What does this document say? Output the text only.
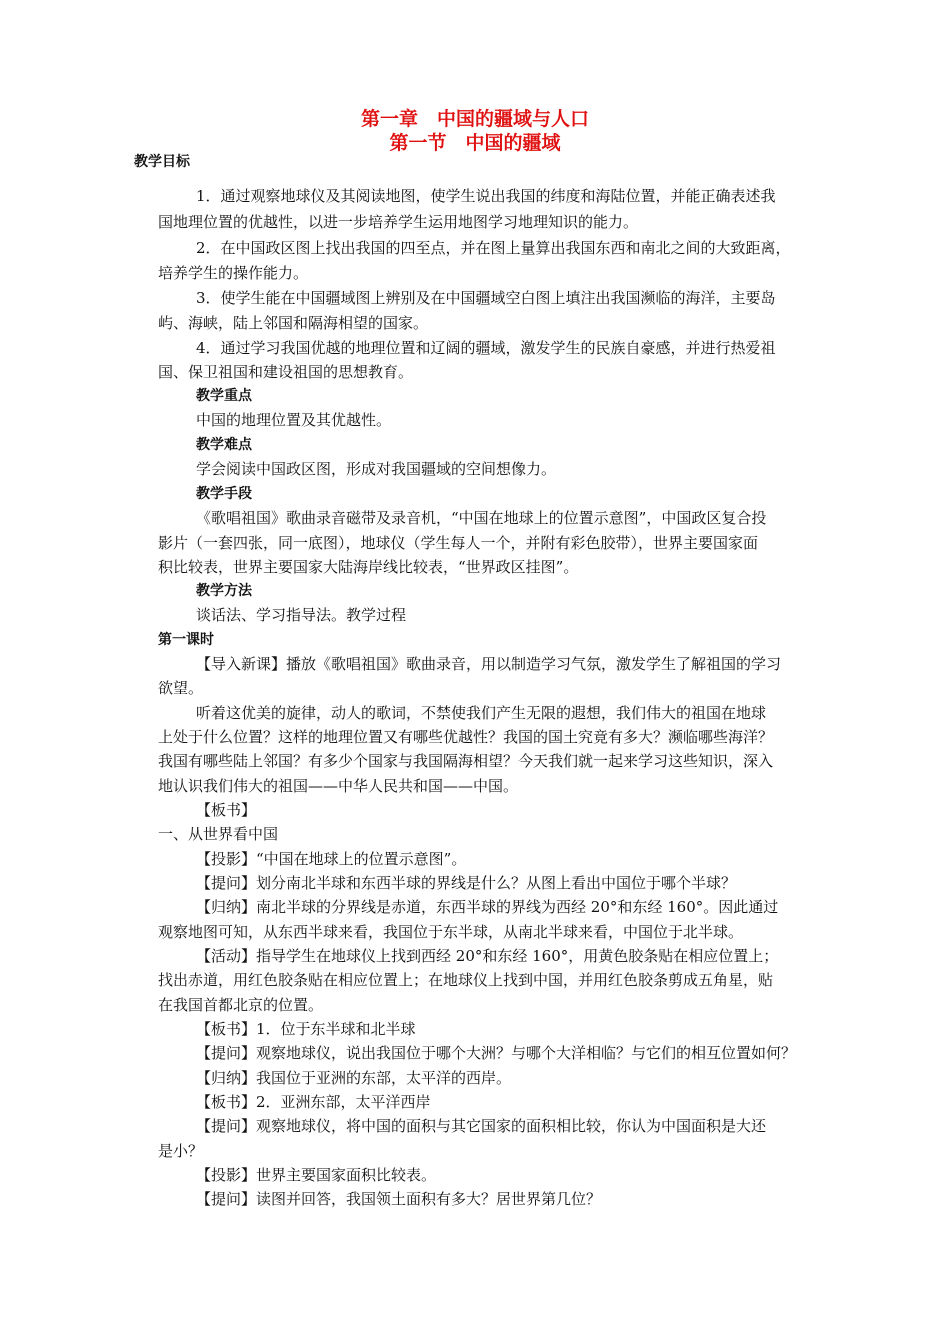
第一章　中国的疆域与人口
第一节　中国的疆域
教学目标
1．通过观察地球仪及其阅读地图，使学生说出我国的纬度和海陆位置，并能正确表述我
国地理位置的优越性，以进一步培养学生运用地图学习地理知识的能力。
2．在中国政区图上找出我国的四至点，并在图上量算出我国东西和南北之间的大致距离，
培养学生的操作能力。
3．使学生能在中国疆域图上辨别及在中国疆域空白图上填注出我国濒临的海洋，主要岛
屿、海峡，陆上邻国和隔海相望的国家。
4．通过学习我国优越的地理位置和辽阔的疆域，激发学生的民族自豪感，并进行热爱祖
国、保卫祖国和建设祖国的思想教育。
教学重点
中国的地理位置及其优越性。
教学难点
学会阅读中国政区图，形成对我国疆域的空间想像力。
教学手段
《歌唱祖国》歌曲录音磁带及录音机，“中国在地球上的位置示意图”，中国政区复合投
影片（一套四张，同一底图），地球仪（学生每人一个，并附有彩色胶带），世界主要国家面
积比较表，世界主要国家大陆海岸线比较表，“世界政区挂图”。
教学方法
谈话法、学习指导法。教学过程
第一课时
【导入新课】播放《歌唱祖国》歌曲录音，用以制造学习气氛，激发学生了解祖国的学习
欲望。
听着这优美的旋律，动人的歌词，不禁使我们产生无限的遐想，我们伟大的祖国在地球
上处于什么位置？这样的地理位置又有哪些优越性？我国的国土究竟有多大？濒临哪些海洋？
我国有哪些陆上邻国？有多少个国家与我国隔海相望？今天我们就一起来学习这些知识，深入
地认识我们伟大的祖国——中华人民共和国——中国。
【板书】
一、从世界看中国
【投影】“中国在地球上的位置示意图”。
【提问】划分南北半球和东西半球的界线是什么？从图上看出中国位于哪个半球？
【归纳】南北半球的分界线是赤道，东西半球的界线为西经 20°和东经 160°。因此通过
观察地图可知，从东西半球来看，我国位于东半球，从南北半球来看，中国位于北半球。
【活动】指导学生在地球仪上找到西经 20°和东经 160°，用黄色胶条贴在相应位置上；
找出赤道，用红色胶条贴在相应位置上；在地球仪上找到中国，并用红色胶条剪成五角星，贴
在我国首都北京的位置。
【板书】1．位于东半球和北半球
【提问】观察地球仪，说出我国位于哪个大洲？与哪个大洋相临？与它们的相互位置如何？
【归纳】我国位于亚洲的东部，太平洋的西岸。
【板书】2．亚洲东部，太平洋西岸
【提问】观察地球仪，将中国的面积与其它国家的面积相比较，你认为中国面积是大还
是小？
【投影】世界主要国家面积比较表。
【提问】读图并回答，我国领土面积有多大？居世界第几位？
